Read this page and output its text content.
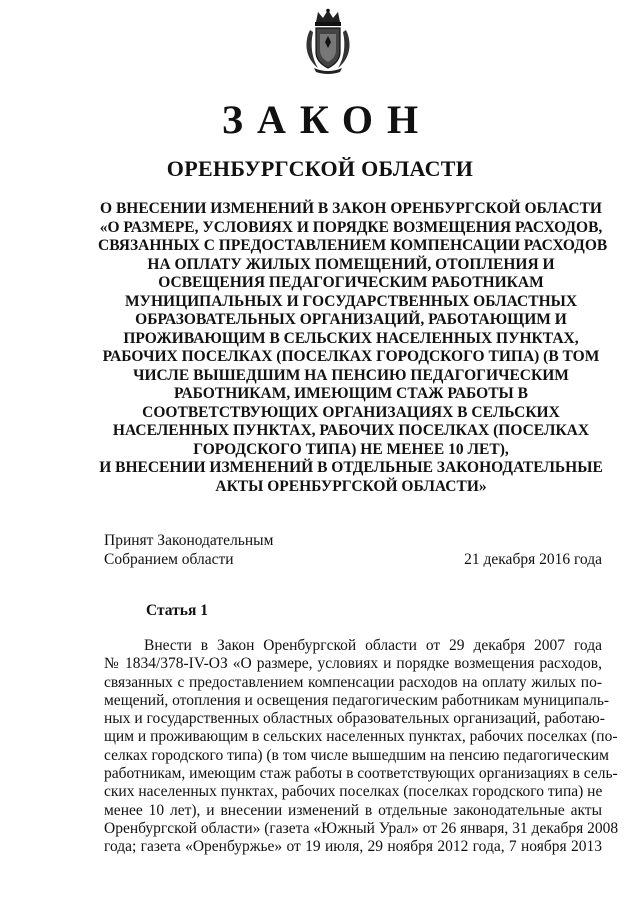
ЗАКОН
ОРЕНБУРГСКОЙ ОБЛАСТИ
О ВНЕСЕНИИ ИЗМЕНЕНИЙ В ЗАКОН ОРЕНБУРГСКОЙ ОБЛАСТИ
«О РАЗМЕРЕ, УСЛОВИЯХ И ПОРЯДКЕ ВОЗМЕЩЕНИЯ РАСХОДОВ,
СВЯЗАННЫХ С ПРЕДОСТАВЛЕНИЕМ КОМПЕНСАЦИИ РАСХОДОВ
НА ОПЛАТУ ЖИЛЫХ ПОМЕЩЕНИЙ, ОТОПЛЕНИЯ И
ОСВЕЩЕНИЯ ПЕДАГОГИЧЕСКИМ РАБОТНИКАМ
МУНИЦИПАЛЬНЫХ И ГОСУДАРСТВЕННЫХ ОБЛАСТНЫХ
ОБРАЗОВАТЕЛЬНЫХ ОРГАНИЗАЦИЙ, РАБОТАЮЩИМ И
ПРОЖИВАЮЩИМ В СЕЛЬСКИХ НАСЕЛЕННЫХ ПУНКТАХ,
РАБОЧИХ ПОСЕЛКАХ (ПОСЕЛКАХ ГОРОДСКОГО ТИПА) (В ТОМ
ЧИСЛЕ ВЫШЕДШИМ НА ПЕНСИЮ ПЕДАГОГИЧЕСКИМ
РАБОТНИКАМ, ИМЕЮЩИМ СТАЖ РАБОТЫ В
СООТВЕТСТВУЮЩИХ ОРГАНИЗАЦИЯХ В СЕЛЬСКИХ
НАСЕЛЕННЫХ ПУНКТАХ, РАБОЧИХ ПОСЕЛКАХ (ПОСЕЛКАХ
ГОРОДСКОГО ТИПА) НЕ МЕНЕЕ 10 ЛЕТ),
И ВНЕСЕНИИ ИЗМЕНЕНИЙ В ОТДЕЛЬНЫЕ ЗАКОНОДАТЕЛЬНЫЕ
АКТЫ ОРЕНБУРГСКОЙ ОБЛАСТИ»
Принят Законодательным
Собранием области	21 декабря 2016 года
Статья 1
Внести в Закон Оренбургской области от 29 декабря 2007 года
№ 1834/378-IV-ОЗ «О размере, условиях и порядке возмещения расходов,
связанных с предоставлением компенсации расходов на оплату жилых по-
мещений, отопления и освещения педагогическим работникам муниципаль-
ных и государственных областных образовательных организаций, работаю-
щим и проживающим в сельских населенных пунктах, рабочих поселках (по-
селках городского типа) (в том числе вышедшим на пенсию педагогическим
работникам, имеющим стаж работы в соответствующих организациях в сель-
ских населенных пунктах, рабочих поселках (поселках городского типа) не
менее 10 лет), и внесении изменений в отдельные законодательные акты
Оренбургской области» (газета «Южный Урал» от 26 января, 31 декабря 2008
года; газета «Оренбуржье» от 19 июля, 29 ноября 2012 года, 7 ноября 2013
